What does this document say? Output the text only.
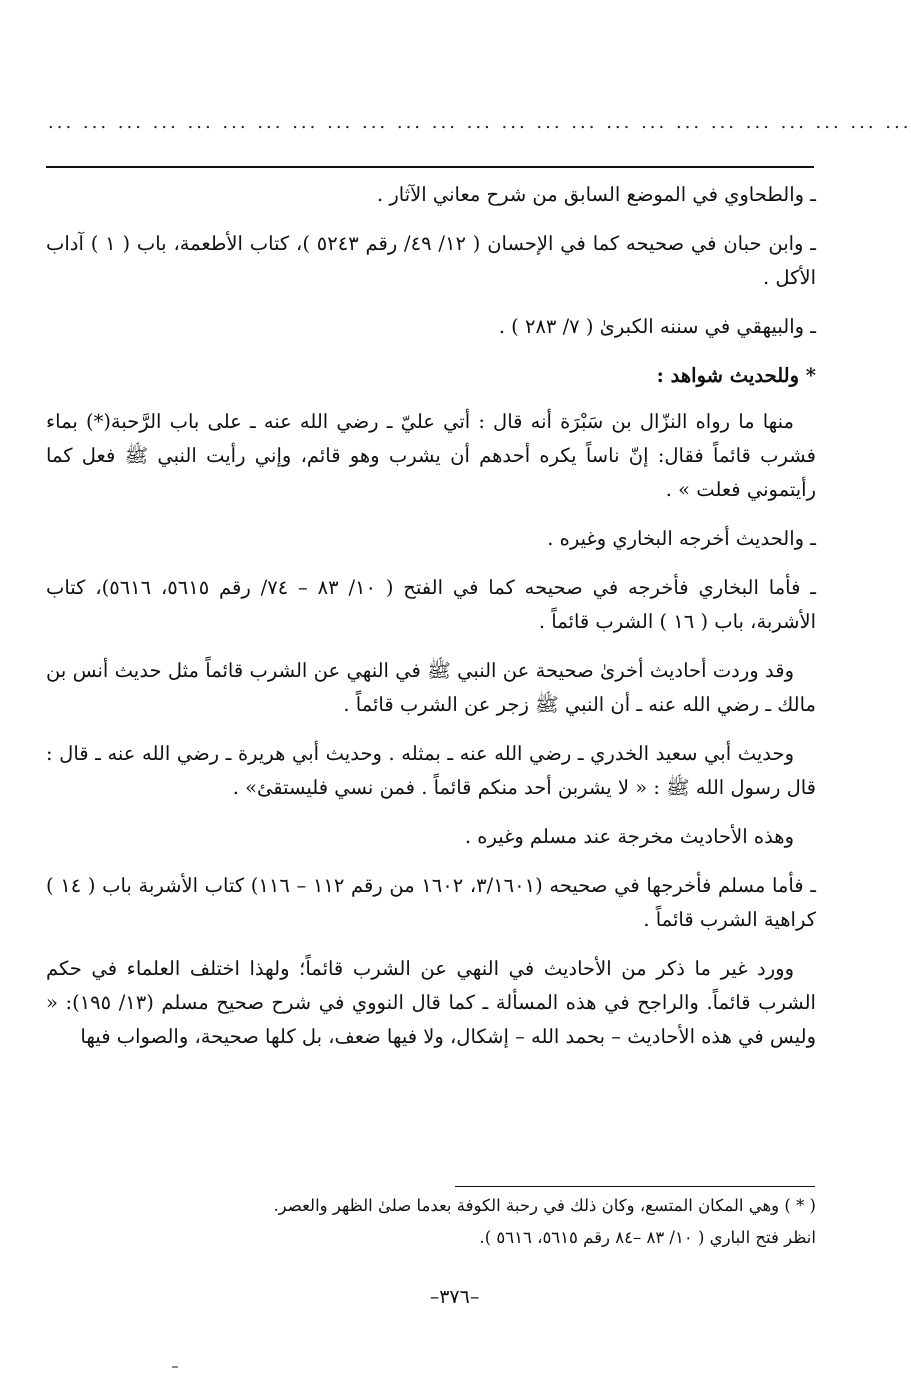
... ... ... ... ... ... ... ... ... ... ... ... ... ... ... ... ... ... ... ... ... ... ... ... ...

ـ والطحاوي في الموضع السابق من شرح معاني الآثار .

ـ وابن حبان في صحيحه كما في الإحسان ( ١٢/ ٤٩/ رقم ٥٢٤٣ )، كتاب الأطعمة، باب ( ١ ) آداب الأكل .

ـ والبيهقي في سننه الكبرىٰ ( ٧/ ٢٨٣ ) .

* وللحديث شواهد :

منها ما رواه النزّال بن سَبْرَة أنه قال : أتي عليّ ـ رضي الله عنه ـ على باب الرَّحبة(*) بماء فشرب قائماً فقال: إنّ ناساً يكره أحدهم أن يشرب وهو قائم، وإني رأيت النبي ﷺ فعل كما رأيتموني فعلت » .

ـ والحديث أخرجه البخاري وغيره .

ـ فأما البخاري فأخرجه في صحيحه كما في الفتح ( ١٠/ ٨٣ – ٧٤/ رقم ٥٦١٥، ٥٦١٦)، كتاب الأشربة، باب ( ١٦ ) الشرب قائماً .

وقد وردت أحاديث أخرىٰ صحيحة عن النبي ﷺ في النهي عن الشرب قائماً مثل حديث أنس بن مالك ـ رضي الله عنه ـ أن النبي ﷺ زجر عن الشرب قائماً .

وحديث أبي سعيد الخدري ـ رضي الله عنه ـ بمثله . وحديث أبي هريرة ـ رضي الله عنه ـ قال : قال رسول الله ﷺ : « لا يشربن أحد منكم قائماً . فمن نسي فليستقئ» .

وهذه الأحاديث مخرجة عند مسلم وغيره .

ـ فأما مسلم فأخرجها في صحيحه (٣/١٦٠١، ١٦٠٢ من رقم ١١٢ – ١١٦) كتاب الأشربة باب ( ١٤ ) كراهية الشرب قائماً .

وورد غير ما ذكر من الأحاديث في النهي عن الشرب قائماً؛ ولهذا اختلف العلماء في حكم الشرب قائماً. والراجح في هذه المسألة ـ كما قال النووي في شرح صحيح مسلم (١٣/ ١٩٥): « وليس في هذه الأحاديث – بحمد الله – إشكال، ولا فيها ضعف، بل كلها صحيحة، والصواب فيها

( * ) وهي المكان المتسع، وكان ذلك في رحبة الكوفة بعدما صلىٰ الظهر والعصر.

انظر فتح الباري ( ١٠/ ٨٣ –٨٤ رقم ٥٦١٥، ٥٦١٦ ).

–٣٧٦–
